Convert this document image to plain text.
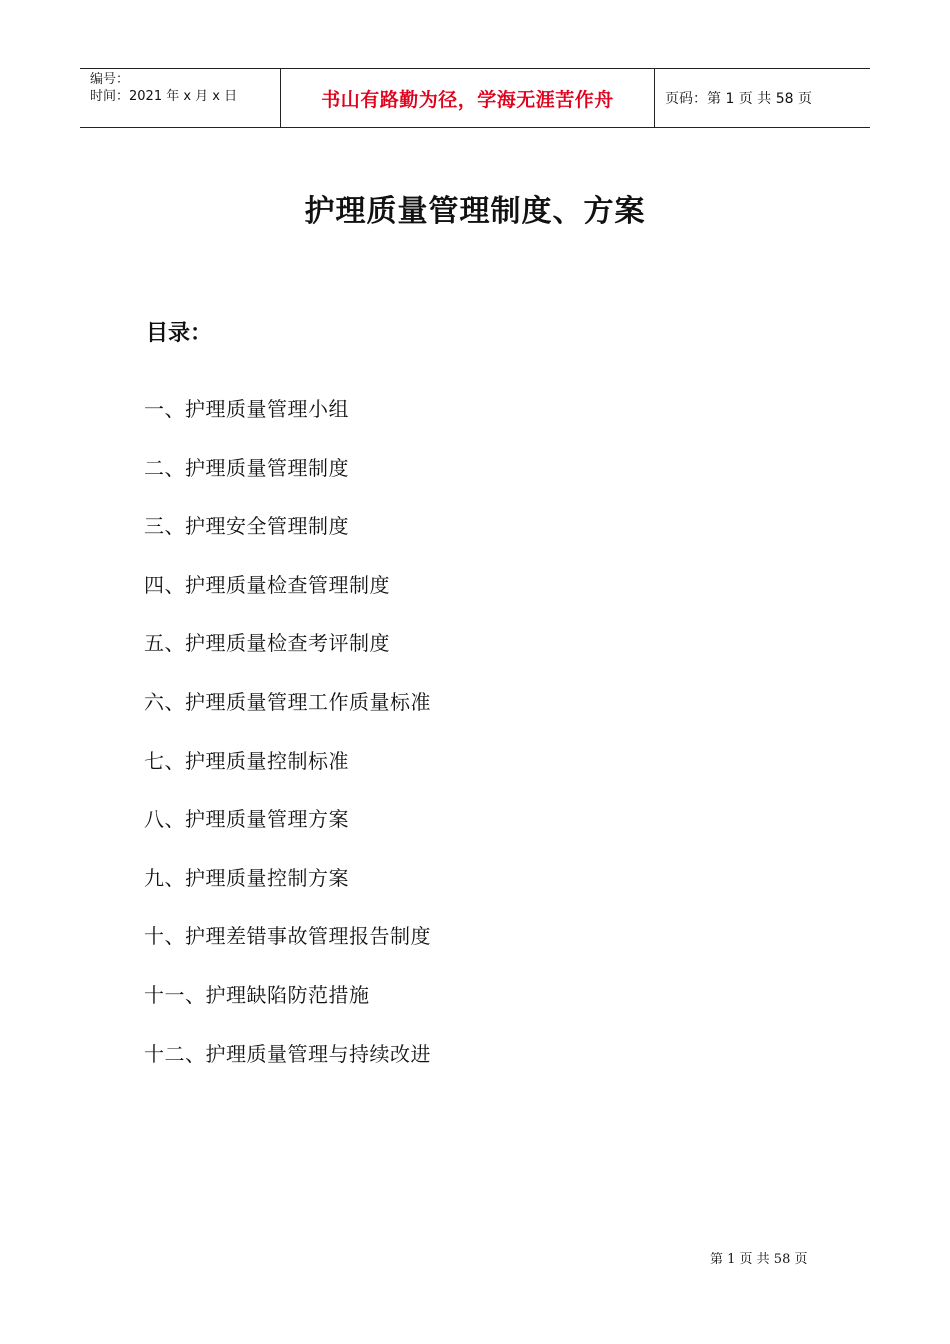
编号：
时间：2021 年 x 月 x 日	书山有路勤为径，学海无涯苦作舟	页码：第 1 页 共 58 页
护理质量管理制度、方案
目录：
一、护理质量管理小组
二、护理质量管理制度
三、护理安全管理制度
四、护理质量检查管理制度
五、护理质量检查考评制度
六、护理质量管理工作质量标准
七、护理质量控制标准
八、护理质量管理方案
九、护理质量控制方案
十、护理差错事故管理报告制度
十一、护理缺陷防范措施
十二、护理质量管理与持续改进
第 1 页 共 58 页
